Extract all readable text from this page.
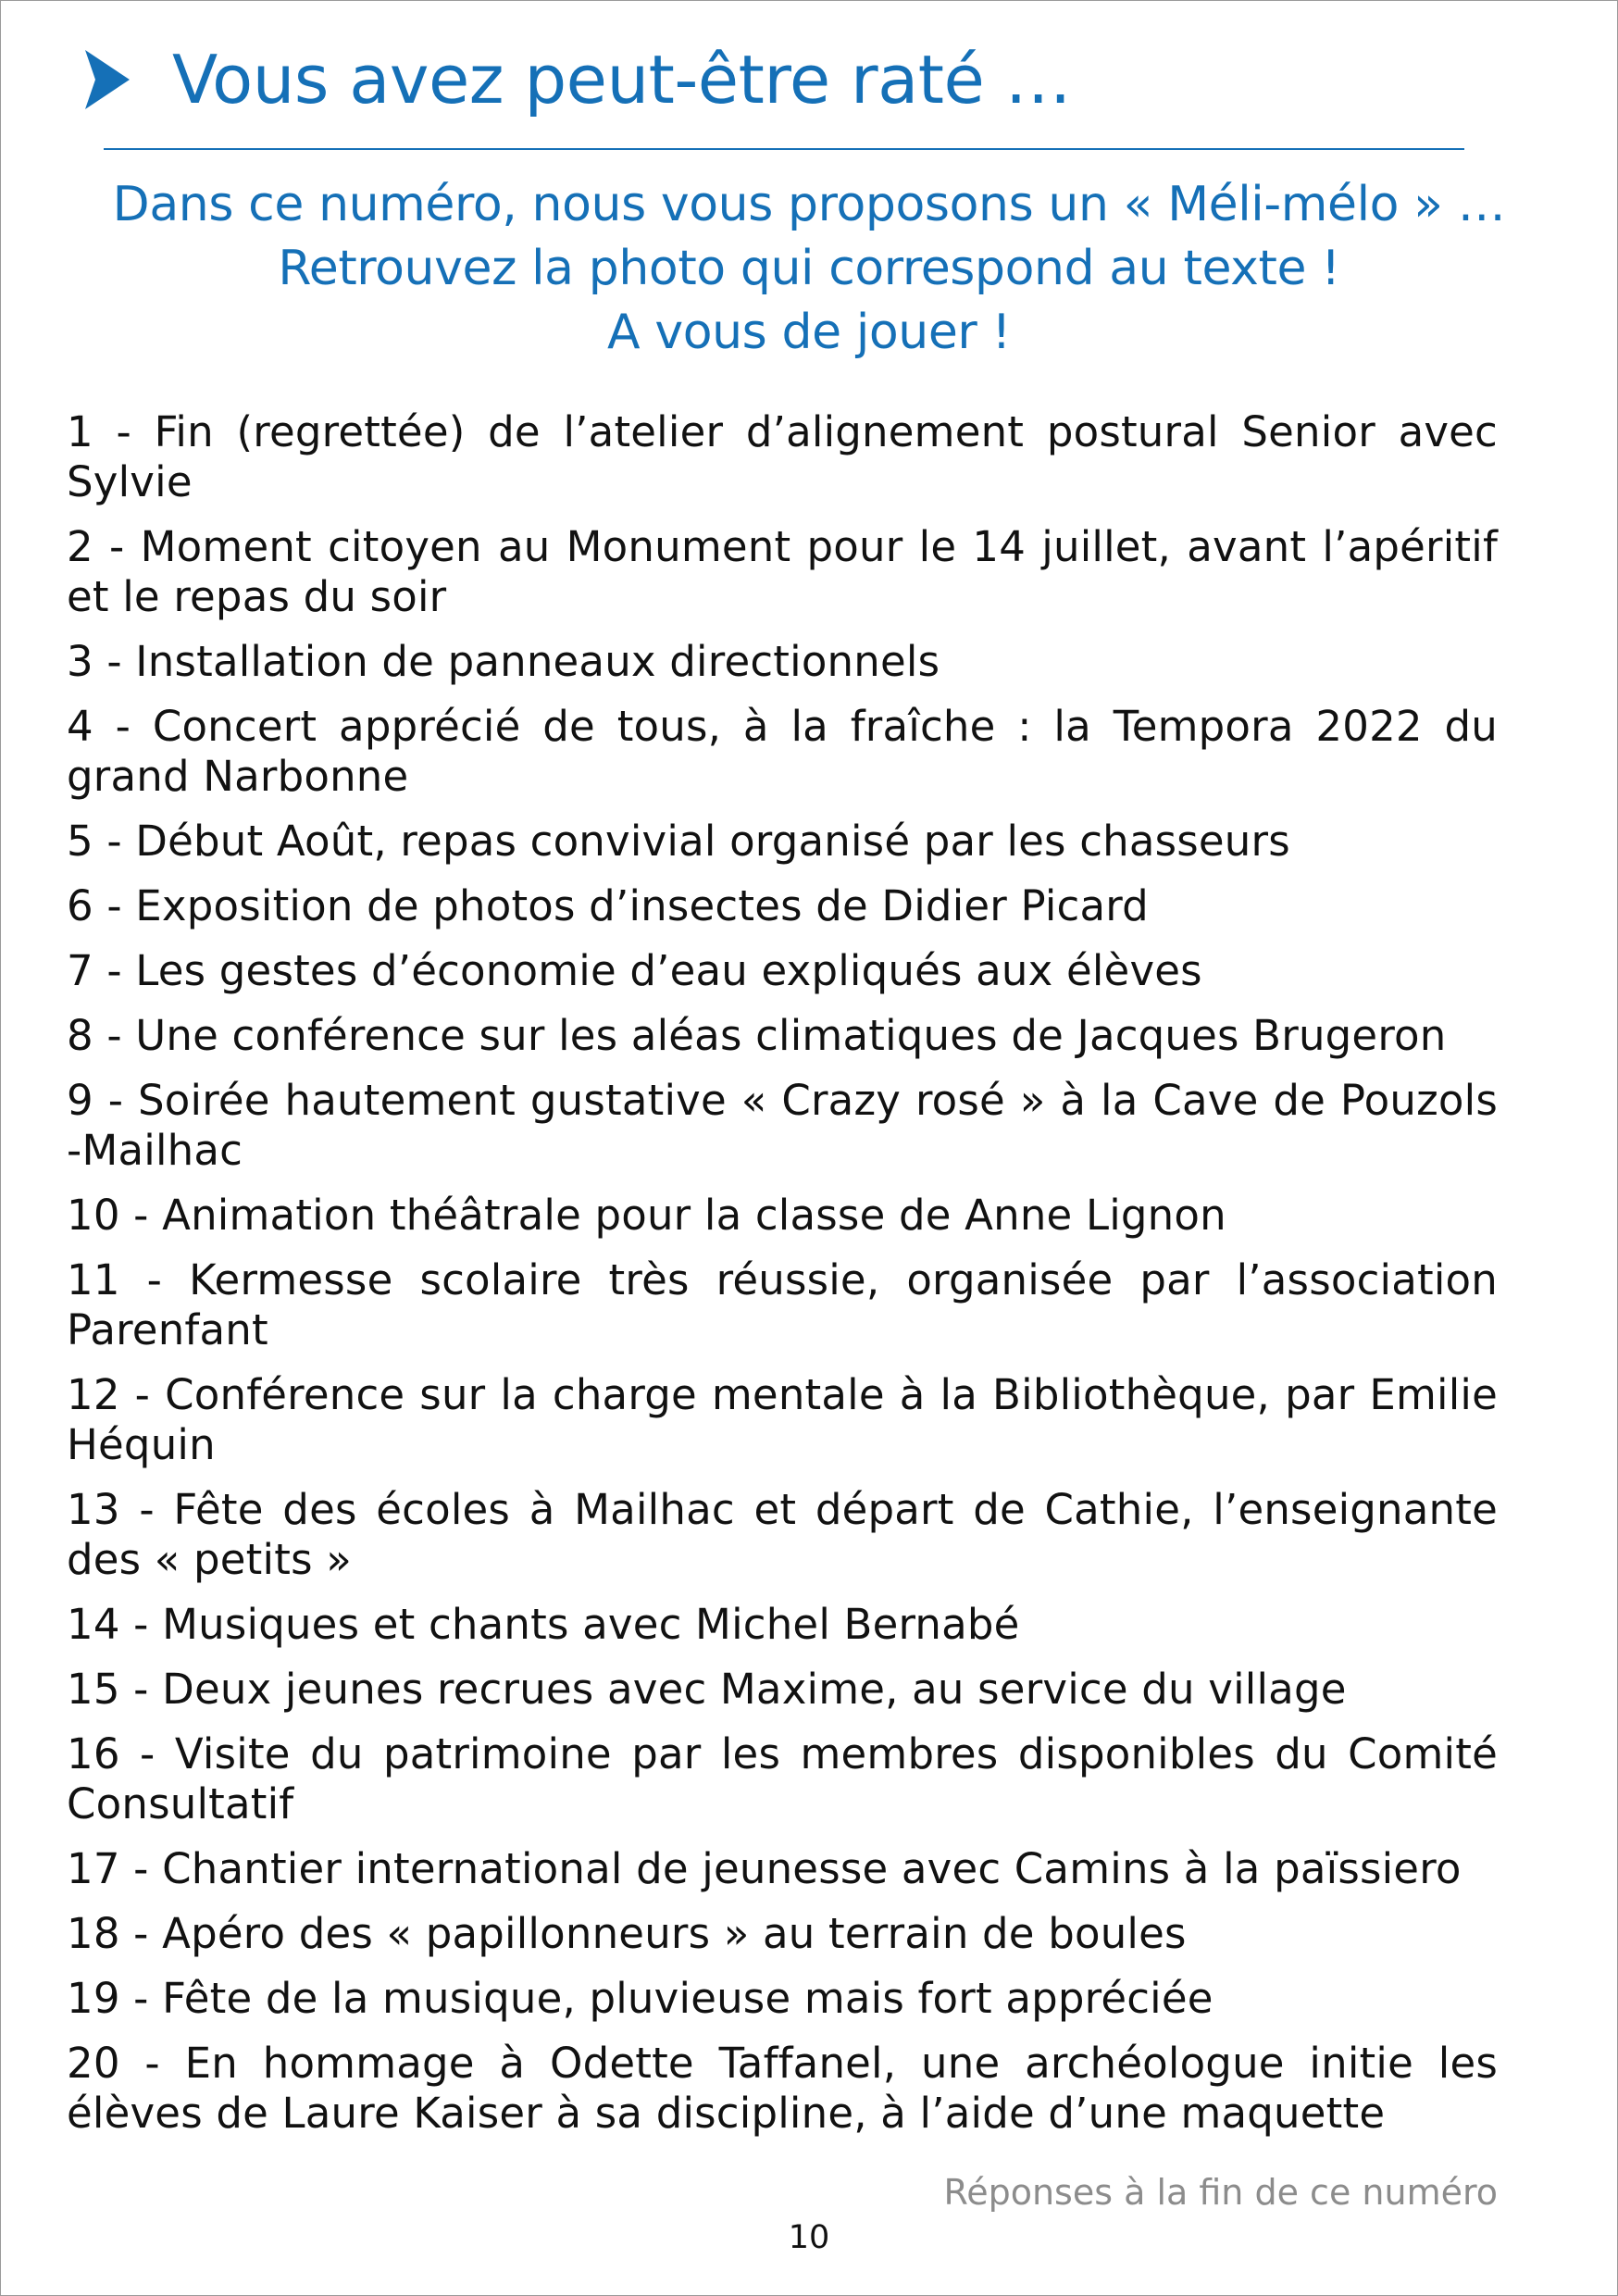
Vous avez peut-être raté …
Dans ce numéro, nous vous proposons un « Méli-mélo » …
Retrouvez la photo qui correspond au texte !
A vous de jouer !
1 - Fin (regrettée) de l’atelier d’alignement postural Senior avec Sylvie
2 - Moment citoyen au Monument pour le 14 juillet, avant l’apéritif et le repas du soir
3 - Installation de panneaux directionnels
4 - Concert apprécié de tous, à la fraîche : la Tempora 2022 du grand Narbonne
5 - Début Août, repas convivial organisé par les chasseurs
6 - Exposition de photos d’insectes de Didier Picard
7 - Les gestes d’économie d’eau expliqués aux élèves
8 - Une conférence sur les aléas climatiques de Jacques Brugeron
9 - Soirée hautement gustative « Crazy rosé » à la Cave de Pouzols -Mailhac
10 - Animation théâtrale pour la classe de Anne Lignon
11 - Kermesse scolaire très réussie, organisée par l’association Parenfant
12 - Conférence sur la charge mentale à la Bibliothèque, par Emilie Héquin
13 - Fête des écoles à Mailhac et départ de Cathie, l’enseignante des « petits »
14 - Musiques et chants avec Michel Bernabé
15 - Deux jeunes recrues avec Maxime, au service du village
16 - Visite du patrimoine par les membres disponibles du Comité Consultatif
17 - Chantier international de jeunesse avec Camins à la païssiero
18 - Apéro des « papillonneurs » au terrain de boules
19 - Fête de la musique, pluvieuse mais fort appréciée
20 - En hommage à Odette Taffanel, une archéologue initie les élèves de Laure Kaiser à sa discipline, à l’aide d’une maquette
Réponses à la fin de ce numéro
10
